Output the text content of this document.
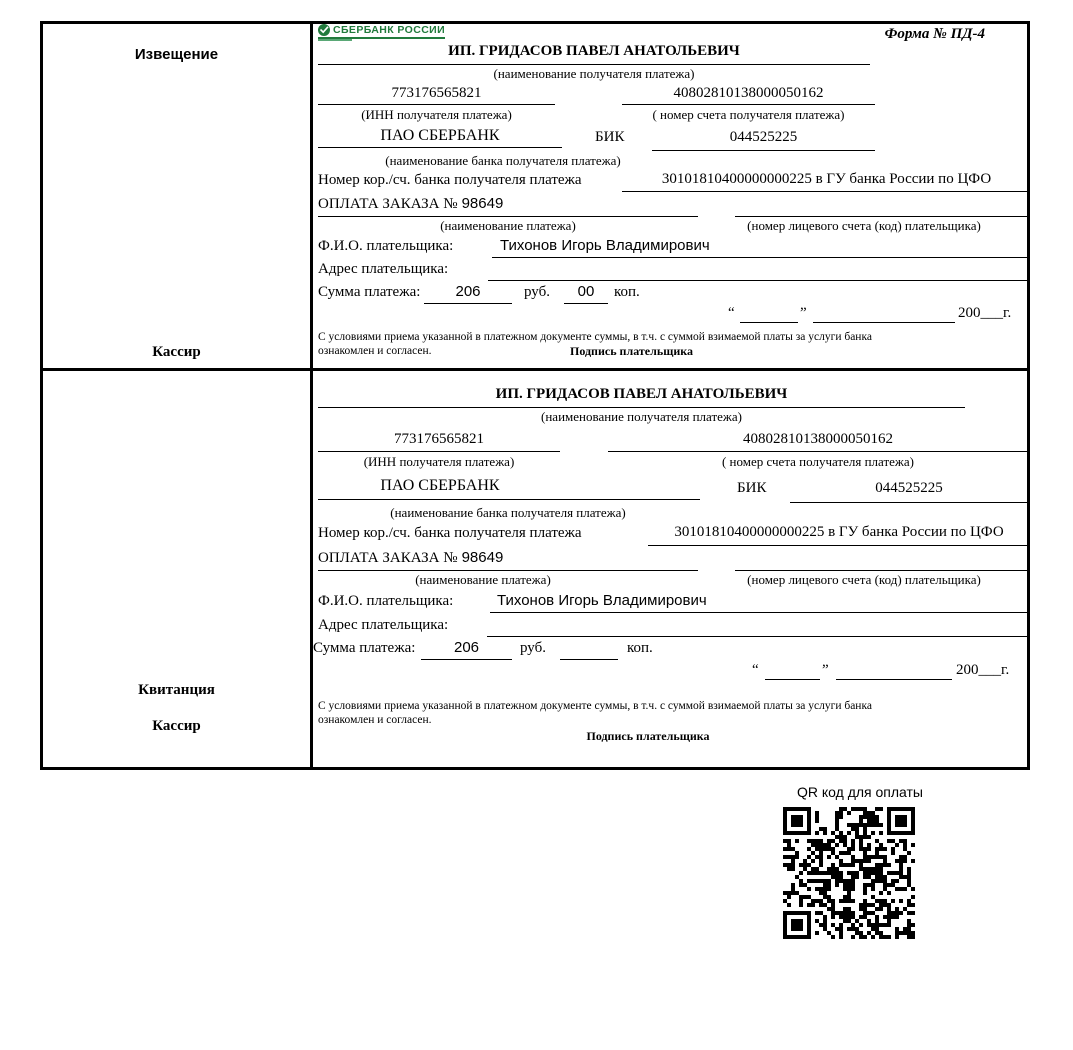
Извещение
Кассир
Квитанция
Кассир
СБЕРБАНК РОССИИ	Форма № ПД-4
ИП. ГРИДАСОВ ПАВЕЛ АНАТОЛЬЕВИЧ
(наименование получателя платежа)
773176565821	40802810138000050162
(ИНН получателя платежа)	( номер счета получателя платежа)
ПАО СБЕРБАНК	БИК	044525225
(наименование банка получателя платежа)
Номер кор./сч. банка получателя платежа	30101810400000000225 в ГУ банка России по ЦФО
ОПЛАТА ЗАКАЗА № 98649
(наименование платежа)	(номер лицевого счета (код) плательщика)
Ф.И.О. плательщика:	Тихонов Игорь Владимирович
Адрес плательщика:
Сумма платежа:	206	руб.	00	коп.
“	”	200___г.
С условиями приема указанной в платежном документе суммы, в т.ч. с суммой взимаемой платы за услуги банка
ознакомлен и согласен.	Подпись плательщика
ИП. ГРИДАСОВ ПАВЕЛ АНАТОЛЬЕВИЧ
(наименование получателя платежа)
773176565821	40802810138000050162
(ИНН получателя платежа)	( номер счета получателя платежа)
ПАО СБЕРБАНК	БИК	044525225
(наименование банка получателя платежа)
Номер кор./сч. банка получателя платежа	30101810400000000225 в ГУ банка России по ЦФО
ОПЛАТА ЗАКАЗА № 98649
(наименование платежа)	(номер лицевого счета (код) плательщика)
Ф.И.О. плательщика:	Тихонов Игорь Владимирович
Адрес плательщика:
Сумма платежа:	206	руб.	коп.
“	”	200___г.
С условиями приема указанной в платежном документе суммы, в т.ч. с суммой взимаемой платы за услуги банка
ознакомлен и согласен.
Подпись плательщика
QR код для оплаты
